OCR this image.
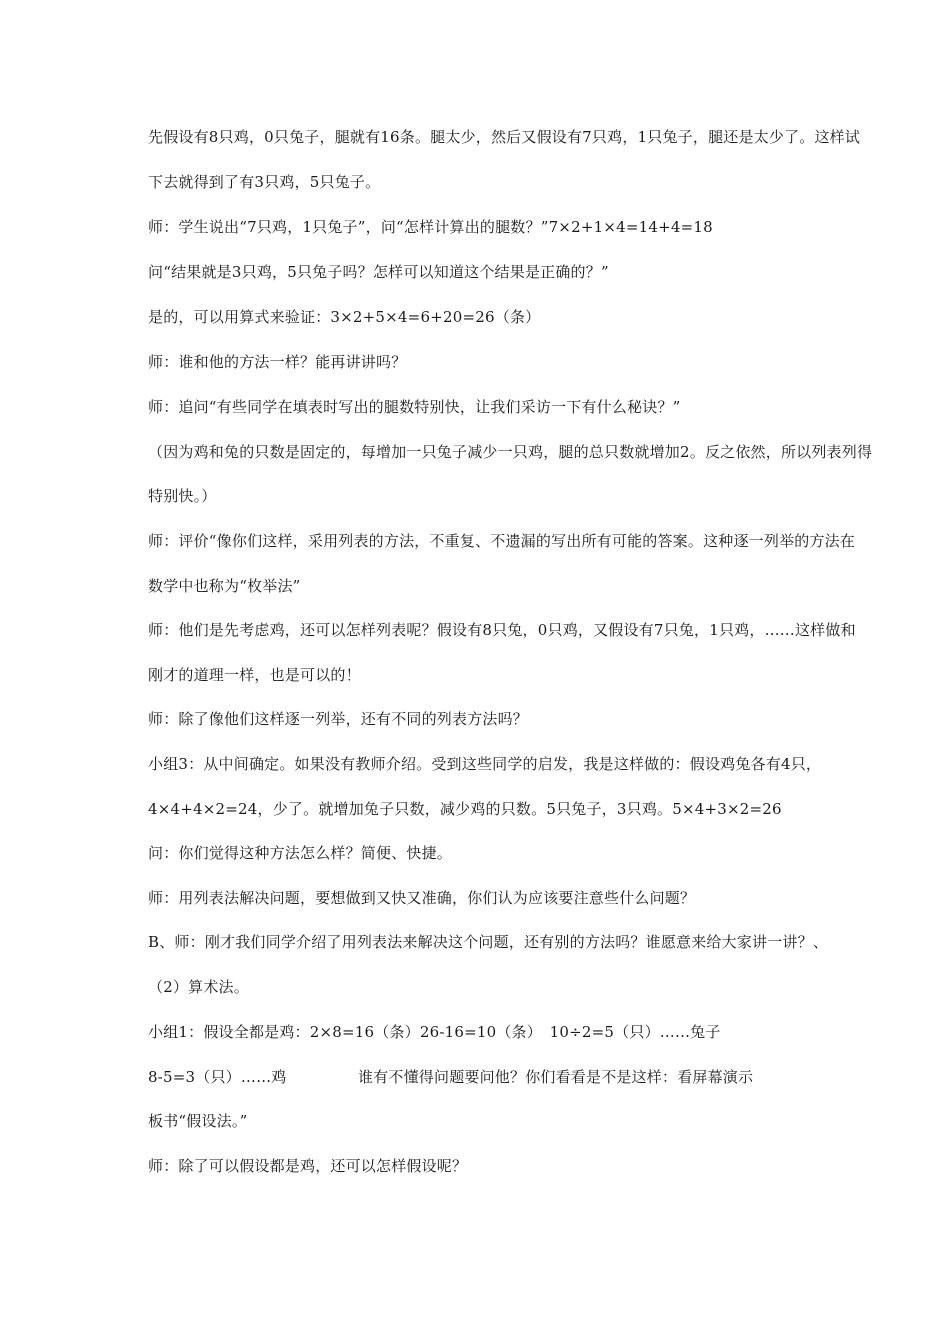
先假设有8只鸡，0只兔子，腿就有16条。腿太少，然后又假设有7只鸡，1只兔子，腿还是太少了。这样试
下去就得到了有3只鸡，5只兔子。
师：学生说出“7只鸡，1只兔子”，问“怎样计算出的腿数？”7×2+1×4=14+4=18
问“结果就是3只鸡，5只兔子吗？怎样可以知道这个结果是正确的？”
是的，可以用算式来验证：3×2+5×4=6+20=26（条）
师：谁和他的方法一样？能再讲讲吗？
师：追问“有些同学在填表时写出的腿数特别快，让我们采访一下有什么秘诀？”
（因为鸡和兔的只数是固定的，每增加一只兔子减少一只鸡，腿的总只数就增加2。反之依然，所以列表列得
特别快。）
师：评价“像你们这样，采用列表的方法，不重复、不遗漏的写出所有可能的答案。这种逐一列举的方法在
数学中也称为“枚举法”
师：他们是先考虑鸡，还可以怎样列表呢？假设有8只兔，0只鸡，又假设有7只兔，1只鸡，……这样做和
刚才的道理一样，也是可以的！
师：除了像他们这样逐一列举，还有不同的列表方法吗？
小组3：从中间确定。如果没有教师介绍。受到这些同学的启发，我是这样做的：假设鸡兔各有4只，
4×4+4×2=24，少了。就增加兔子只数，减少鸡的只数。5只兔子，3只鸡。5×4+3×2=26
问：你们觉得这种方法怎么样？简便、快捷。
师：用列表法解决问题，要想做到又快又准确，你们认为应该要注意些什么问题？
B、师：刚才我们同学介绍了用列表法来解决这个问题，还有别的方法吗？谁愿意来给大家讲一讲？、
（2）算术法。
小组1：假设全都是鸡：2×8=16（条）26-16=10（条）　10÷2=5（只）……兔子
8-5=3（只）……鸡	谁有不懂得问题要问他？你们看看是不是这样：看屏幕演示
板书“假设法。”
师：除了可以假设都是鸡，还可以怎样假设呢？
